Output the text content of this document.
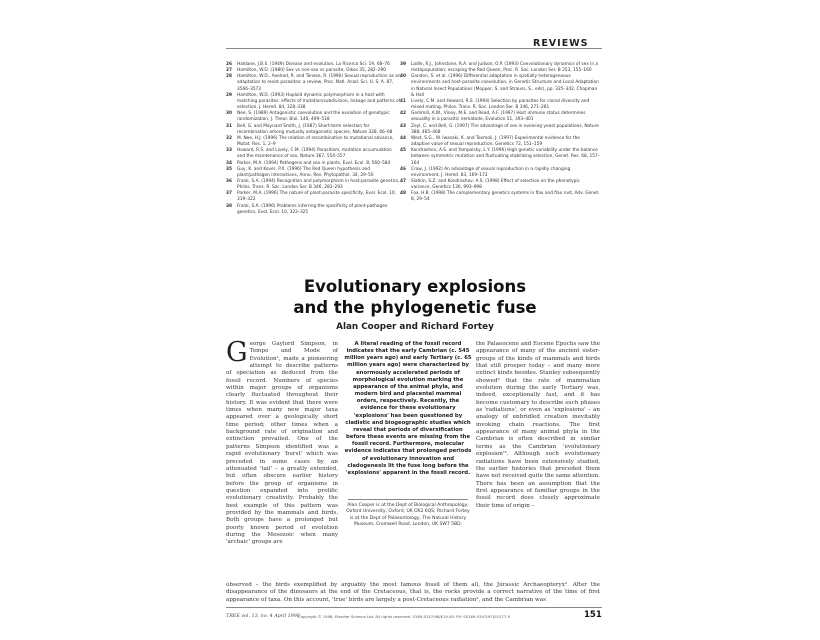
REVIEWS
26	Haldane, J.B.S. (1949) Disease and evolution, La Ricerca Sci. 19, 68–76
27	Hamilton, W.D. (1980) Sex vs non-sex vs parasite, Oikos 35, 282–290
28	Hamilton, W.D., Axelrod, R. and Tanese, R. (1990) Sexual reproduction as an adaptation to resist parasites: a review, Proc. Natl. Acad. Sci. U. S. A. 87, 3566–3573
29	Hamilton, W.D. (1993) Haploid dynamic polymorphism in a host with matching parasites: effects of mutation/subdivision, linkage and patterns of selection, J. Hered. 84, 328–338
30	Nee, S. (1989) Antagonistic coevolution and the evolution of genotypic randomization, J. Theor. Biol. 140, 499–518
31	Bell, G. and Maynard Smith, J. (1987) Short-term selection for recombination among mutually antagonistic species, Nature 328, 66–68
32	M. Nee, H.J. (1996) The relation of recombination to mutational advance, Mutat. Res. 1, 2–9
33	Howard, R.S. and Lively, C.M. (1994) Parasitism, mutation accumulation and the maintenance of sex, Nature 367, 554–557
34	Parker, M.A. (1994) Pathogens and sex in plants, Evol. Ecol. 8, 560–584
35	Guy, K. and Kover, P.X. (1996) The Red Queen hypothesis and plant/pathogen interactions, Annu. Rev. Phytopathol. 34, 29–50
36	Frank, S.A. (1994) Recognition and polymorphism in host-parasite genetics, Philos. Trans. R. Soc. London Ser. B 346, 283–293
37	Parker, M.A. (1996) The nature of plant-parasite specificity, Evol. Ecol. 10, 319–322
38	Frank, S.A. (1996) Problems inferring the specificity of plant-pathogen genetics, Evol. Ecol. 10, 323–325
39	Ladle, R.J., Johnstone, R.A. and Judson, O.P. (1993) Coevolutionary dynamics of sex in a metapopulation: escaping the Red Queen, Proc. R. Soc. London Ser. B 253, 155–160
40	Gandon, S. et al. (1996) Differential adaptation in spatially heterogeneous environments and host-parasite coevolution, in Genetic Structure and Local Adaptation in Natural Insect Populations (Mopper, S. and Strauss, S., eds), pp. 325–342, Chapman & Hall
41	Lively, C.M. and Howard, R.S. (1994) Selection by parasites for clonal diversity and mixed mating, Philos. Trans. R. Soc. London Ser. B 346, 271–281
42	Gemmill, A.W., Viney, M.E. and Read, A.F. (1997) Host immune status determines sexuality in a parasitic nematode, Evolution 51, 393–401
43	Zeyl, C. and Bell, G. (1997) The advantage of sex in evolving yeast populations, Nature 388, 465–468
44	West, S.G., W. Iwasaki, K. and Toomoli, J. (1997) Experimental evidence for the adaptive value of sexual reproduction, Genetics 72, 151–159
45	Kondrashov, A.S. and Yampolsky, L.Y. (1996) High genetic variability under the balance between symmetric mutation and fluctuating stabilizing selection, Genet. Res. 68, 157–164
46	Crow, J. (1992) An advantage of sexual reproduction in a rapidly changing environment, J. Hered. 83, 169–173
47	Slatkin, S.Z. and Kondrashov, A.S. (1998) Effect of selection on the phenotypic variance, Genetics 136, 993–998
48	Fox, H.B. (1998) The complementary genetics systems in flax and flax rust, Adv. Genet. 8, 29–54
Evolutionary explosions
and the phylogenetic fuse
Alan Cooper and Richard Fortey
George Gaylord Simpson, in Tempo and Mode of Evolution¹, made a pioneering attempt to describe patterns of speciation as deduced from the fossil record. Numbers of species within major groups of organisms clearly fluctuated throughout their history. It was evident that there were times when many new major taxa appeared over a geologically short time period; other times when a background rate of origination and extinction prevailed. One of the patterns Simpson identified was a rapid evolutionary 'burst' which was preceded in some cases by an attenuated 'tail' – a greatly extended, but often obscure earlier history before the group of organisms in question expanded into prolific evolutionary creativity. Probably the best example of this pattern was provided by the mammals and birds. Both groups have a prolonged but poorly known period of evolution during the Mesozoic when many 'archaic' groups are
A literal reading of the fossil record indicates that the early Cambrian (c. 545 million years ago) and early Tertiary (c. 65 million years ago) were characterized by enormously accelerated periods of morphological evolution marking the appearance of the animal phyla, and modern bird and placental mammal orders, respectively. Recently, the evidence for these evolutionary 'explosions' has been questioned by cladistic and biogeographic studies which reveal that periods of diversification before these events are missing from the fossil record. Furthermore, molecular evidence indicates that prolonged periods of evolutionary innovation and cladogenesis lit the fuse long before the 'explosions' apparent in the fossil record.
Alan Cooper is at the Dept of Biological Anthropology, Oxford University, Oxford, UK OX2 6QS; Richard Fortey is at the Dept of Palaeontology, The Natural History Museum, Cromwell Road, London, UK SW7 5BD.
the Palaeocene and Eocene Epochs saw the appearance of many of the ancient sister-groups of the kinds of mammals and birds that still prosper today – and many more extinct kinds besides. Stanley subsequently showed² that the rate of mammalian evolution during the early Tertiary was, indeed, exceptionally fast, and it has become customary to describe such phases as 'radiations', or even as 'explosions' – an analogy of unbridled creation inevitably invoking chain reactions. The first appearance of many animal phyla in the Cambrian is often described in similar terms as the Cambrian 'evolutionary explosion'³. Although such evolutionary radiations have been extensively studied, the earlier histories that preceded them have not received quite the same attention. There has been an assumption that the first appearance of familiar groups in the fossil record does closely approximate their time of origin –
observed – the birds exemplified by arguably the most famous fossil of them all, the Jurassic Archaeopteryx². After the disappearance of the dinosaurs at the end of the Cretaceous, that is, the rocks provide a correct narrative of the time of first appearance of taxa. On this account, 'true' birds are largely a post-Cretaceous radiation², and the Cambrian was
TREE vol. 13, no. 4 April 1998
Copyright © 1998, Elsevier Science Ltd. All rights reserved. 0169-5347/98/$19.00. PII: S0169-5347(97)01277-9	151
